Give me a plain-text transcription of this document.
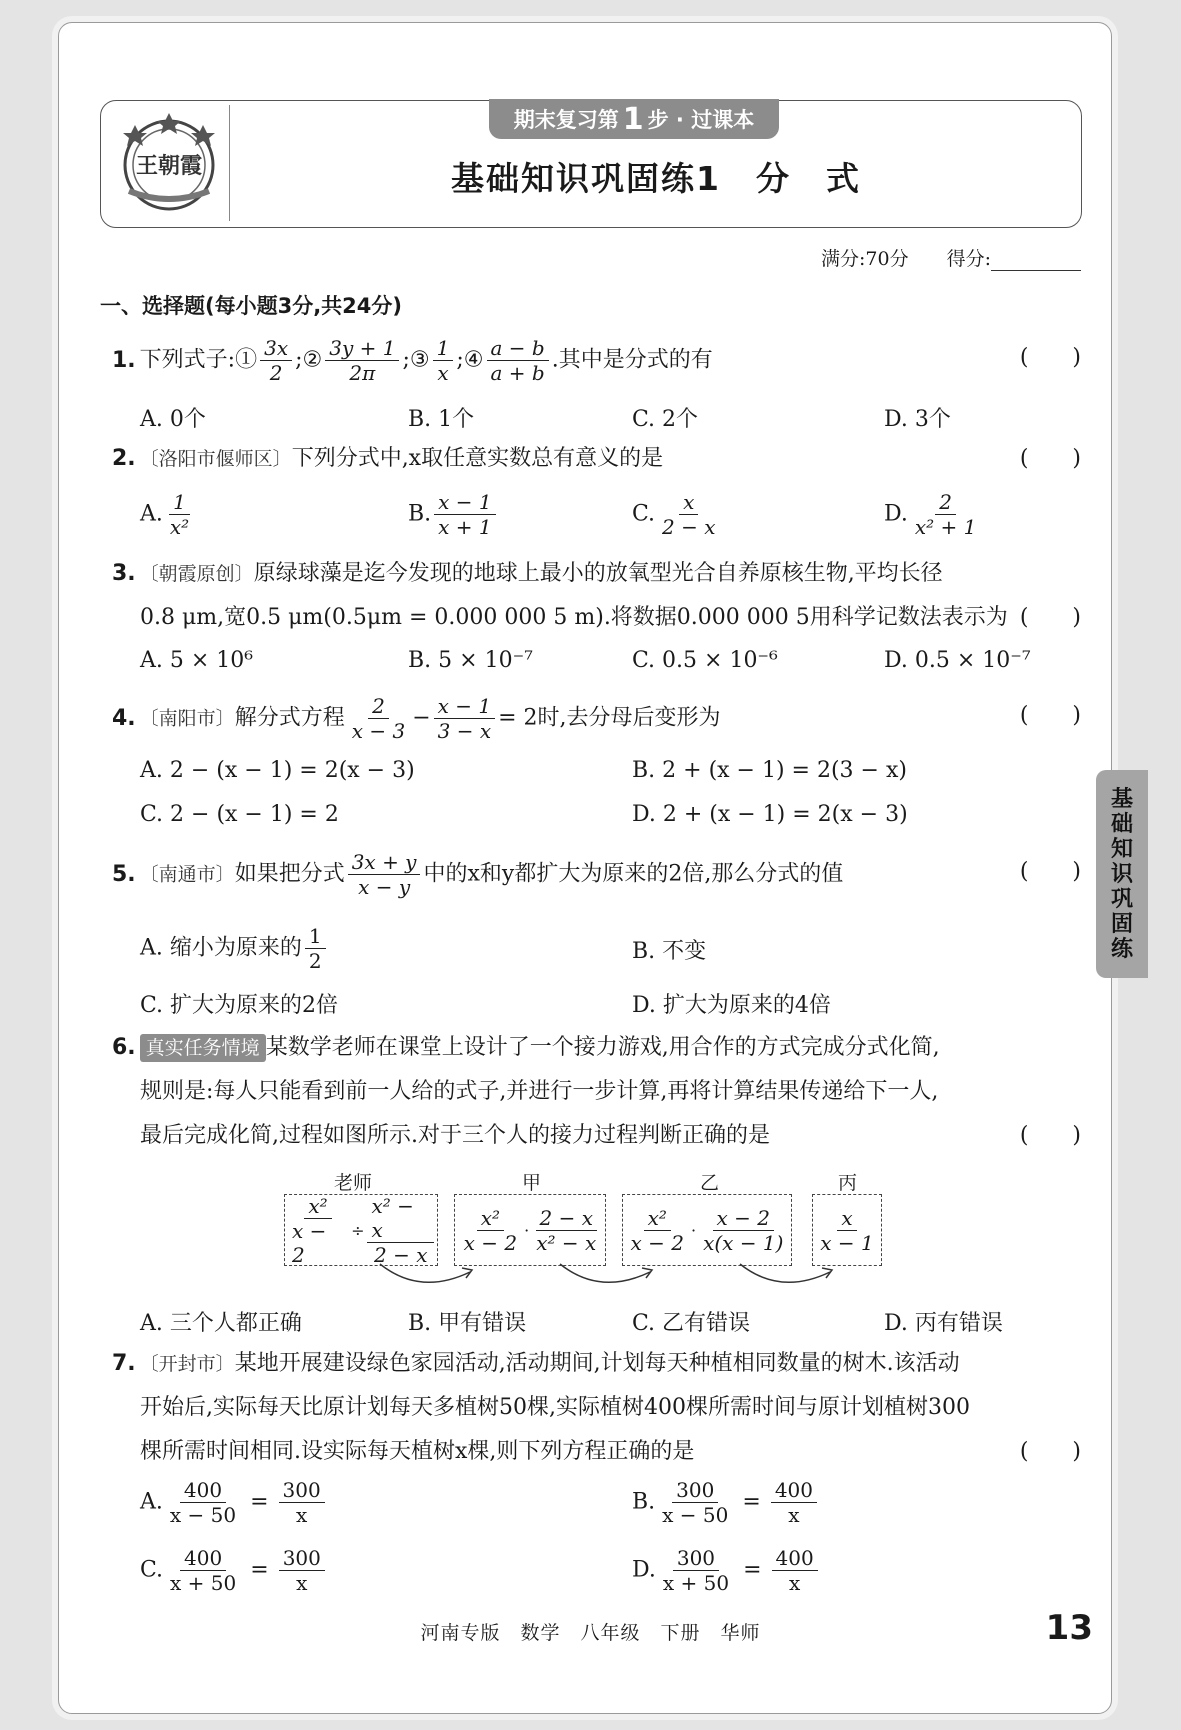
王朝霞
期末复习第 1 步 · 过课本
基础知识巩固练1　分　式
满分:70分　　 得分:
一、选择题(每小题3分,共24分)
1. 下列式子:① $\frac{3x}{2}$ ;② $\frac{3y + 1}{2\pi}$ ;③ $\frac{1}{x}$ ;④ $\frac{a - b}{a + b}$ .其中是分式的有	(　　)
A. 0个	B. 1个	C. 2个	D. 3个
2. 〔洛阳市偃师区〕下列分式中,x取任意实数总有意义的是	(　　)
A. $\frac{1}{\text{x²}}$	B. $\frac{x - 1}{x + 1}$	C. $\frac{x}{2 - x}$	D. $\frac{2}{\text{x² + 1}}$
3. 〔朝霞原创〕原绿球藻是迄今发现的地球上最小的放氧型光合自养原核生物,平均长径
0.8 μm,宽0.5 μm(0.5μm = 0.000 000 5 m).将数据0.000 000 5用科学记数法表示为 (　　)
A. 5 × 10⁶	B. 5 × 10⁻⁷	C. 0.5 × 10⁻⁶	D. 0.5 × 10⁻⁷
4. 〔南阳市〕解分式方程 $\frac{2}{x - 3} - \frac{x - 1}{3 - x} = 2$时,去分母后变形为	(　　)
A. 2 − (x − 1) = 2(x − 3)	B. 2 + (x − 1) = 2(3 − x)
C. 2 − (x − 1) = 2	D. 2 + (x − 1) = 2(x − 3)
5. 〔南通市〕如果把分式 $\frac{3x + y}{x - y}$ 中的x和y都扩大为原来的2倍,那么分式的值	(　　)
A. 缩小为原来的 $\frac{1}{2}$	B. 不变
C. 扩大为原来的2倍	D. 扩大为原来的4倍
6. 真实任务情境 某数学老师在课堂上设计了一个接力游戏,用合作的方式完成分式化简,
规则是:每人只能看到前一人给的式子,并进行一步计算,再将计算结果传递给下一人,
最后完成化简,过程如图所示.对于三个人的接力过程判断正确的是	(　　)
老师	甲	乙	丙
$\frac{\text{x²}}{x - 2} \div \frac{\text{x² − x}}{2 - x} \frac{\text{x²}}{x - 2} \cdot \frac{2 - x}{\text{x² − x}} \frac{\text{x²}}{x - 2} \cdot \frac{x - 2}{x(x - 1)} \frac{x}{x - 1}$
A. 三个人都正确	B. 甲有错误	C. 乙有错误	D. 丙有错误
7. 〔开封市〕某地开展建设绿色家园活动,活动期间,计划每天种植相同数量的树木.该活动
开始后,实际每天比原计划每天多植树50棵,实际植树400棵所需时间与原计划植树300
棵所需时间相同.设实际每天植树x棵,则下列方程正确的是	(　　)
A. $\frac{400}{x - 50} = \frac{300}{x}$	B. $\frac{300}{x - 50} = \frac{400}{x}$
C. $\frac{400}{x + 50} = \frac{300}{x}$	D. $\frac{300}{x + 50} = \frac{400}{x}$
基
础
知
识
巩
固
练
河南专版　数学　八年级　下册　华师	13
